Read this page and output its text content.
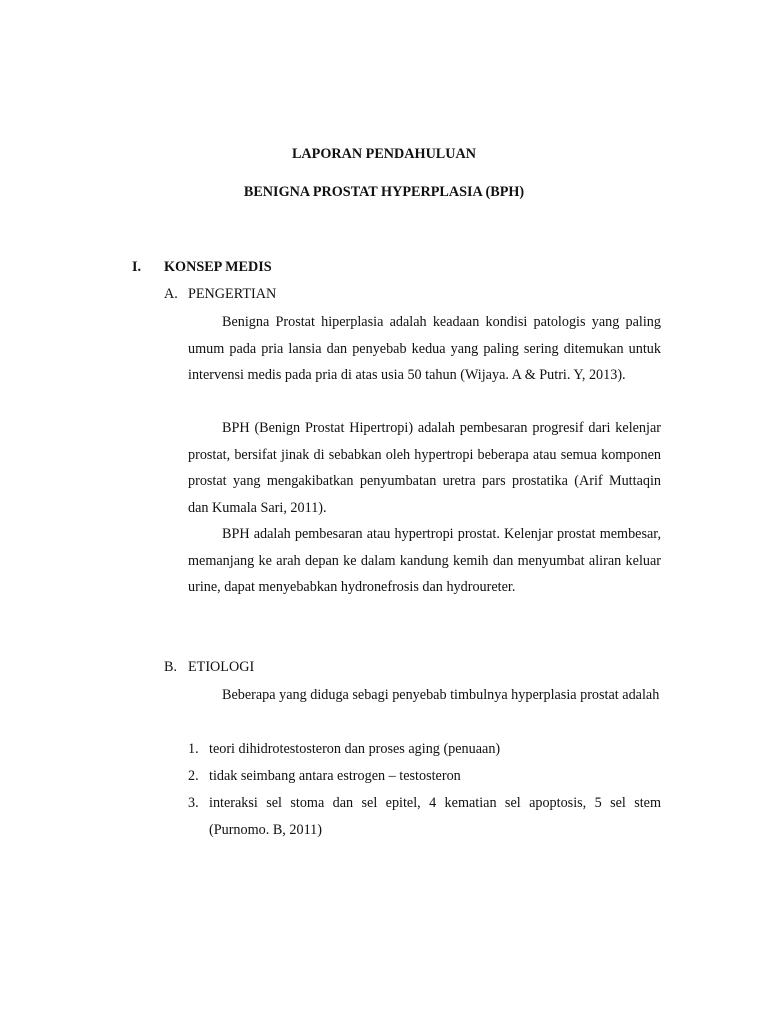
LAPORAN PENDAHULUAN

BENIGNA PROSTAT HYPERPLASIA (BPH)

I. KONSEP MEDIS

A. PENGERTIAN

Benigna Prostat hiperplasia adalah keadaan kondisi patologis yang paling umum pada pria lansia dan penyebab kedua yang paling sering ditemukan untuk intervensi medis pada pria di atas usia 50 tahun (Wijaya. A & Putri. Y, 2013).

BPH (Benign Prostat Hipertropi) adalah pembesaran progresif dari kelenjar prostat, bersifat jinak di sebabkan oleh hypertropi beberapa atau semua komponen prostat yang mengakibatkan penyumbatan uretra pars prostatika (Arif Muttaqin dan Kumala Sari, 2011).

BPH adalah pembesaran atau hypertropi prostat. Kelenjar prostat membesar, memanjang ke arah depan ke dalam kandung kemih dan menyumbat aliran keluar urine, dapat menyebabkan hydronefrosis dan hydroureter.

B. ETIOLOGI

Beberapa yang diduga sebagi penyebab timbulnya hyperplasia prostat adalah

1. teori dihidrotestosteron dan proses aging (penuaan)
2. tidak seimbang antara estrogen – testosteron
3. interaksi sel stoma dan sel epitel, 4 kematian sel apoptosis, 5 sel stem (Purnomo. B, 2011)
